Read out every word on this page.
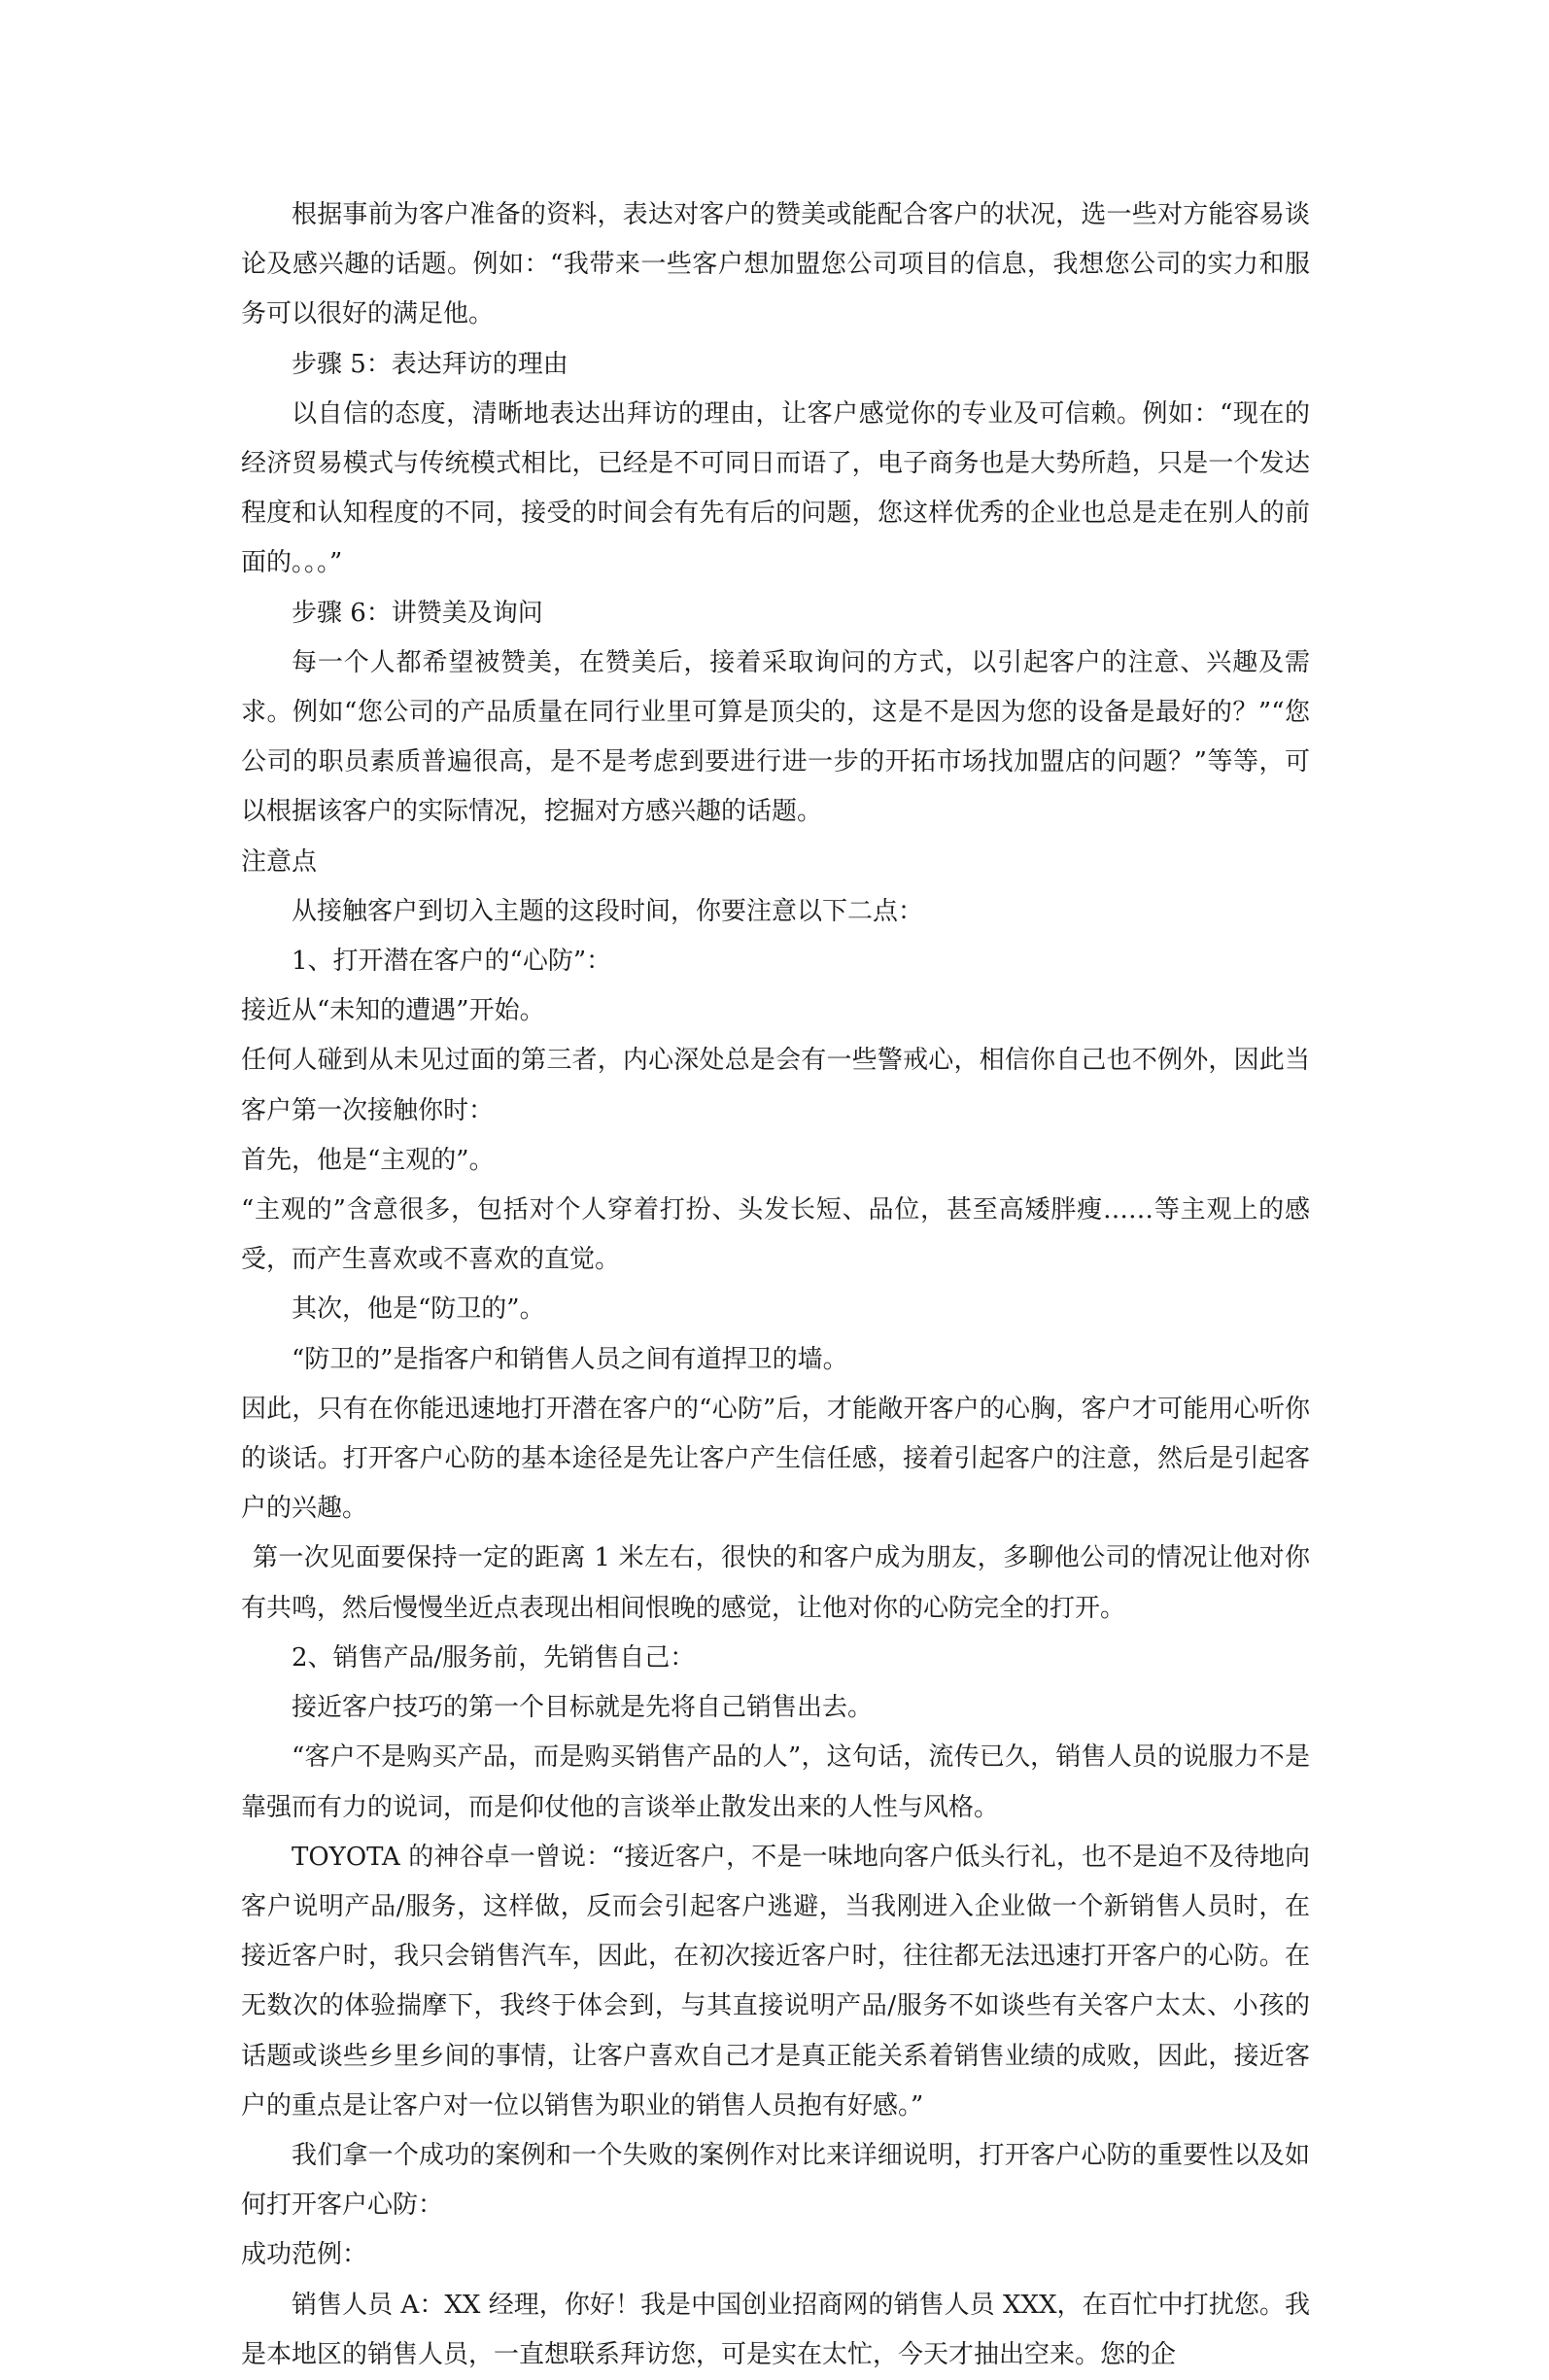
根据事前为客户准备的资料，表达对客户的赞美或能配合客户的状况，选一些对方能容易谈论及感兴趣的话题。例如：“我带来一些客户想加盟您公司项目的信息，我想您公司的实力和服务可以很好的满足他。

步骤 5：表达拜访的理由

以自信的态度，清晰地表达出拜访的理由，让客户感觉你的专业及可信赖。例如：“现在的经济贸易模式与传统模式相比，已经是不可同日而语了，电子商务也是大势所趋，只是一个发达程度和认知程度的不同，接受的时间会有先有后的问题，您这样优秀的企业也总是走在别人的前面的。。。”

步骤 6：讲赞美及询问

每一个人都希望被赞美，在赞美后，接着采取询问的方式，以引起客户的注意、兴趣及需求。例如“您公司的产品质量在同行业里可算是顶尖的，这是不是因为您的设备是最好的？”“您公司的职员素质普遍很高，是不是考虑到要进行进一步的开拓市场找加盟店的问题？”等等，可以根据该客户的实际情况，挖掘对方感兴趣的话题。

注意点

从接触客户到切入主题的这段时间，你要注意以下二点：

1、打开潜在客户的“心防”：

接近从“未知的遭遇”开始。

任何人碰到从未见过面的第三者，内心深处总是会有一些警戒心，相信你自己也不例外，因此当客户第一次接触你时：

首先，他是“主观的”。

“主观的”含意很多，包括对个人穿着打扮、头发长短、品位，甚至高矮胖瘦……等主观上的感受，而产生喜欢或不喜欢的直觉。

其次，他是“防卫的”。

“防卫的”是指客户和销售人员之间有道捍卫的墙。

因此，只有在你能迅速地打开潜在客户的“心防”后，才能敞开客户的心胸，客户才可能用心听你的谈话。打开客户心防的基本途径是先让客户产生信任感，接着引起客户的注意，然后是引起客户的兴趣。

第一次见面要保持一定的距离 1 米左右，很快的和客户成为朋友，多聊他公司的情况让他对你有共鸣，然后慢慢坐近点表现出相间恨晚的感觉，让他对你的心防完全的打开。

2、销售产品/服务前，先销售自己：

接近客户技巧的第一个目标就是先将自己销售出去。

“客户不是购买产品，而是购买销售产品的人”，这句话，流传已久，销售人员的说服力不是靠强而有力的说词，而是仰仗他的言谈举止散发出来的人性与风格。

TOYOTA 的神谷卓一曾说：“接近客户，不是一味地向客户低头行礼，也不是迫不及待地向客户说明产品/服务，这样做，反而会引起客户逃避，当我刚进入企业做一个新销售人员时，在接近客户时，我只会销售汽车，因此，在初次接近客户时，往往都无法迅速打开客户的心防。在无数次的体验揣摩下，我终于体会到，与其直接说明产品/服务不如谈些有关客户太太、小孩的话题或谈些乡里乡间的事情，让客户喜欢自己才是真正能关系着销售业绩的成败，因此，接近客户的重点是让客户对一位以销售为职业的销售人员抱有好感。”

我们拿一个成功的案例和一个失败的案例作对比来详细说明，打开客户心防的重要性以及如何打开客户心防：

成功范例：

销售人员 A：XX 经理，你好！我是中国创业招商网的销售人员 XXX，在百忙中打扰您。我是本地区的销售人员，一直想联系拜访您，可是实在太忙，今天才抽出空来。您的企
